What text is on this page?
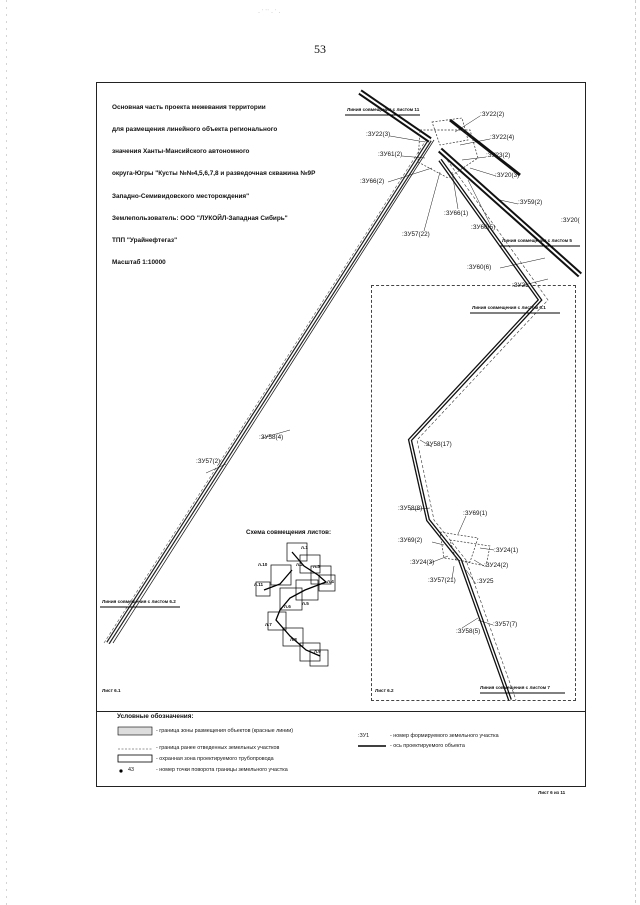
· ˙ ˙˙ · ˙ ·
53

Основная часть проекта межевания территории

для размещения линейного объекта регионального

значения Ханты-Мансийского автономного

округа-Югры "Кусты №№4,5,6,7,8 и разведочная скважина №9Р

Западно-Семивидовского месторождения"

Землепользователь: ООО "ЛУКОЙЛ-Западная Сибирь"

ТПП "Урайнефтегаз"

Масштаб 1:10000

Линия совмещения с листом 11
Линия совмещения с листом 5
Линия совмещения с листом 6.1
Линия совмещения с листом 6.2
Линия совмещения с листом 7
:ЗУ22(2)
:ЗУ22(3)	:ЗУ22(4)
:ЗУ61(2)	:ЗУ23(2)
:ЗУ66(2)
:ЗУ20(3)
:ЗУ59(2)
:ЗУ20(
:ЗУ66(1)
:ЗУ60(5)
:ЗУ57(22)
:ЗУ60(6)
:ЗУ21
:ЗУ58(4)
:ЗУ57(2)
:ЗУ58(17)
:ЗУ58(8)
:ЗУ69(1)
:ЗУ69(2)
:ЗУ24(1)
:ЗУ24(3)	:ЗУ24(2)
:ЗУ57(21)	:ЗУ25
:ЗУ57(7)
:ЗУ58(5)
Схема совмещения листов:
л.1
л.2 л.3
л.4
л.5
л.6
л.7
л.8
л.9
л.10
л.11
Лист 6.1	Лист 6.2
Лист 6 из 11
Условные обозначения:
- граница зоны размещения объектов (красные линии)
- граница ранее отведенных земельных участков
- охранная зона проектируемого трубопровода
43	- номер точки поворота границы земельного участка
:ЗУ1	- номер формируемого земельного участка
- ось проектируемого объекта
